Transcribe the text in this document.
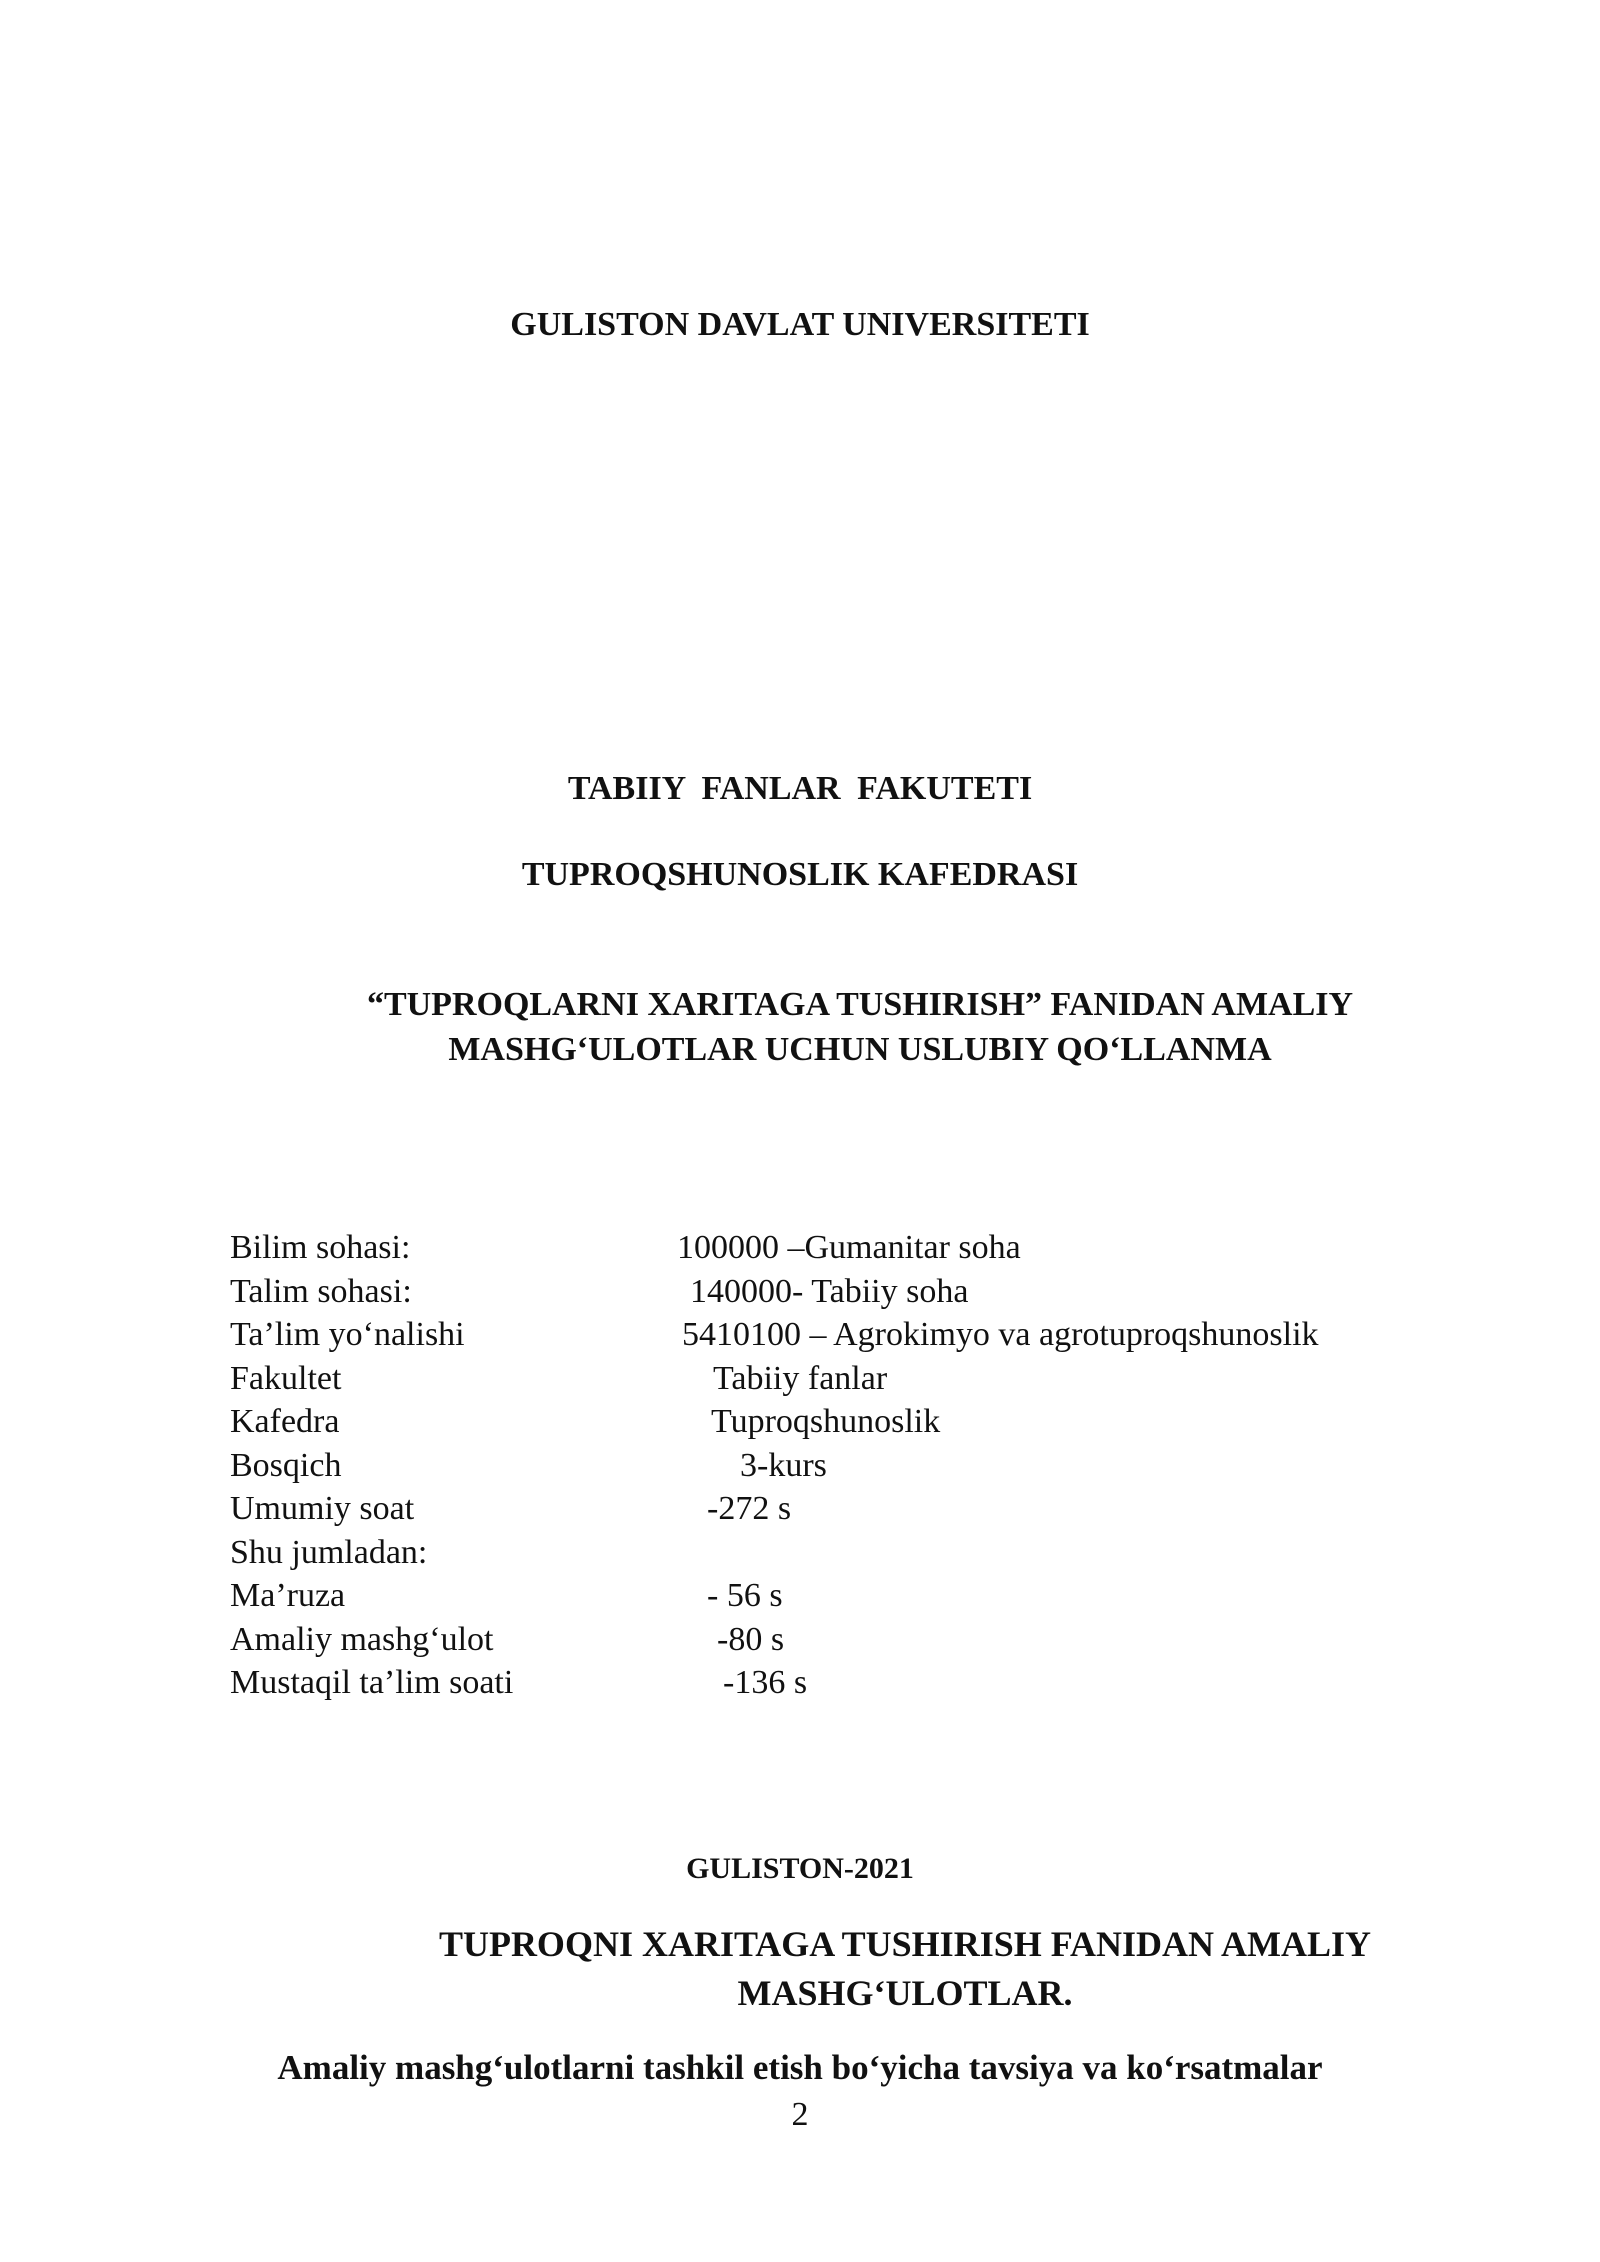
GULISTON DAVLAT UNIVERSITETI
TABIIY FANLAR FAKUTETI
TUPROQSHUNOSLIK KAFEDRASI
“TUPROQLARNI XARITAGA TUSHIRISH” FANIDAN AMALIY
MASHG‘ULOTLAR UCHUN USLUBIY QO‘LLANMA
Bilim sohasi:	100000 –Gumanitar soha
Talim sohasi:	140000- Tabiiy soha
Ta’lim yo‘nalishi	5410100 – Agrokimyo va agrotuproqshunoslik
Fakultet	Tabiiy fanlar
Kafedra	Tuproqshunoslik
Bosqich	3-kurs
Umumiy soat	-272 s
Shu jumladan:
Ma’ruza	- 56 s
Amaliy mashg‘ulot	-80 s
Mustaqil ta’lim soati	-136 s
GULISTON-2021
TUPROQNI XARITAGA TUSHIRISH FANIDAN AMALIY
MASHG‘ULOTLAR.
Amaliy mashg‘ulotlarni tashkil etish bo‘yicha tavsiya va ko‘rsatmalar
2
